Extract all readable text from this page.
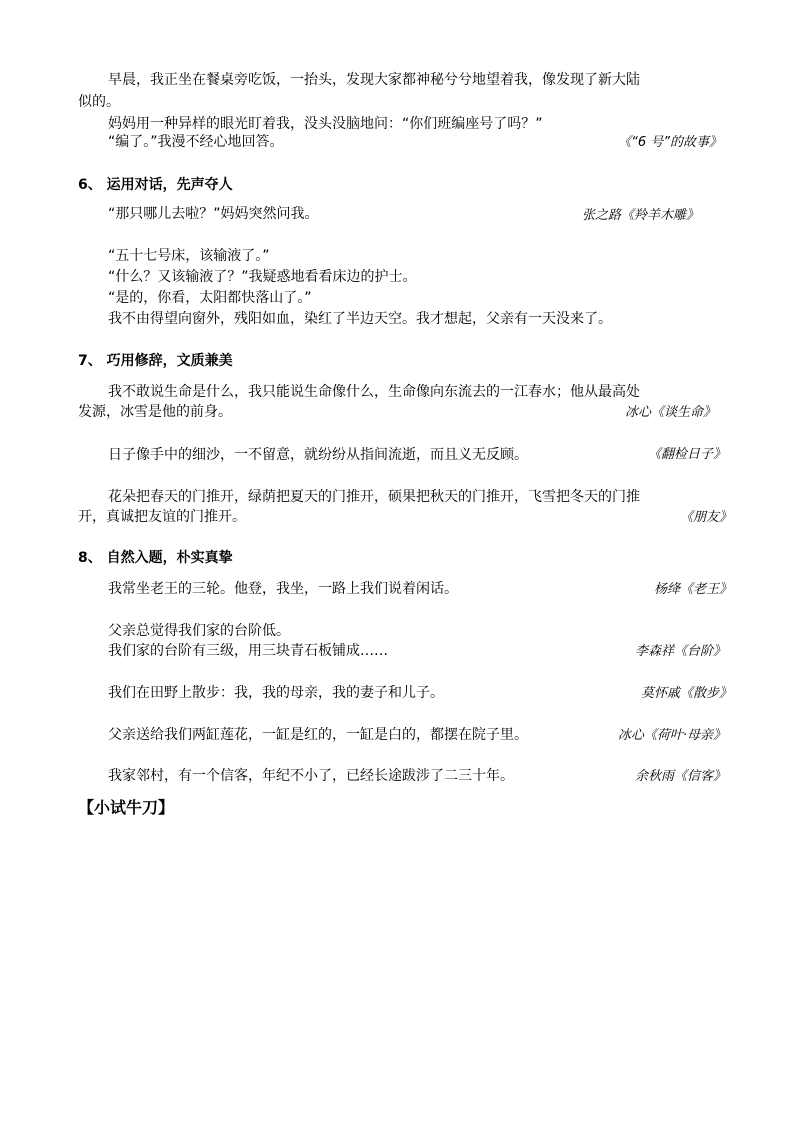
早晨，我正坐在餐桌旁吃饭，一抬头，发现大家都神秘兮兮地望着我，像发现了新大陆
似的。
妈妈用一种异样的眼光盯着我，没头没脑地问：“你们班编座号了吗？”
“编了。”我漫不经心地回答。	《“6 号”的故事》
6、 运用对话，先声夺人
“那只哪儿去啦？”妈妈突然问我。	张之路《羚羊木雕》
“五十七号床，该输液了。”
“什么？又该输液了？”我疑惑地看看床边的护士。
“是的，你看，太阳都快落山了。”
我不由得望向窗外，残阳如血，染红了半边天空。我才想起，父亲有一天没来了。
7、 巧用修辞，文质兼美
我不敢说生命是什么，我只能说生命像什么，生命像向东流去的一江春水；他从最高处
发源，冰雪是他的前身。	冰心《谈生命》
日子像手中的细沙，一不留意，就纷纷从指间流逝，而且义无反顾。	《翻检日子》
花朵把春天的门推开，绿荫把夏天的门推开，硕果把秋天的门推开，飞雪把冬天的门推
开，真诚把友谊的门推开。	《朋友》
8、 自然入题，朴实真挚
我常坐老王的三轮。他登，我坐，一路上我们说着闲话。	杨绛《老王》
父亲总觉得我们家的台阶低。
我们家的台阶有三级，用三块青石板铺成……	李森祥《台阶》
我们在田野上散步：我，我的母亲，我的妻子和儿子。	莫怀戚《散步》
父亲送给我们两缸莲花，一缸是红的，一缸是白的，都摆在院子里。	冰心《荷叶·母亲》
我家邻村，有一个信客，年纪不小了，已经长途跋涉了二三十年。	余秋雨《信客》
【小试牛刀】
